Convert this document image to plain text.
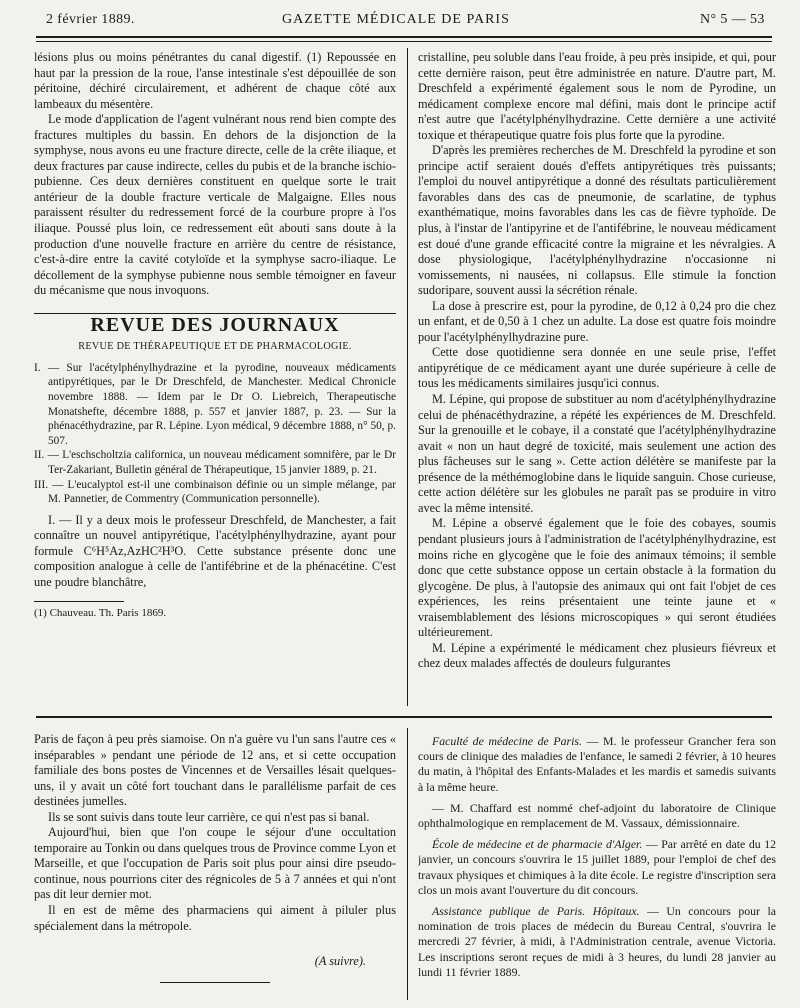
2 février 1889.	GAZETTE MÉDICALE DE PARIS	N° 5 — 53

lésions plus ou moins pénétrantes du canal digestif. (1) Repoussée en haut par la pression de la roue, l'anse intestinale s'est dépouillée de son péritoine, déchiré circulairement, et adhérent de chaque côté aux lambeaux du mésentère.

Le mode d'application de l'agent vulnérant nous rend bien compte des fractures multiples du bassin. En dehors de la disjonction de la symphyse, nous avons eu une fracture directe, celle de la crête iliaque, et deux fractures par cause indirecte, celles du pubis et de la branche ischio-pubienne. Ces deux dernières constituent en quelque sorte le trait antérieur de la double fracture verticale de Malgaigne. Elles nous paraissent résulter du redressement forcé de la courbure propre à l'os iliaque. Poussé plus loin, ce redressement eût abouti sans doute à la production d'une nouvelle fracture en arrière du centre de résistance, c'est-à-dire entre la cavité cotyloïde et la symphyse sacro-iliaque. Le décollement de la symphyse pubienne nous semble témoigner en faveur du mécanisme que nous invoquons.

REVUE DES JOURNAUX
REVUE DE THÉRAPEUTIQUE ET DE PHARMACOLOGIE.

I. — Sur l'acétylphénylhydrazine et la pyrodine, nouveaux médicaments antipyrétiques, par le Dr Dreschfeld, de Manchester. Medical Chronicle novembre 1888. — Idem par le Dr O. Liebreich, Therapeutische Monatshefte, décembre 1888, p. 557 et janvier 1887, p. 23. — Sur la phénacéthydrazine, par R. Lépine. Lyon médical, 9 décembre 1888, n° 50, p. 507.

II. — L'eschscholtzia californica, un nouveau médicament somnifère, par le Dr Ter-Zakariant, Bulletin général de Thérapeutique, 15 janvier 1889, p. 21.

III. — L'eucalyptol est-il une combinaison définie ou un simple mélange, par M. Pannetier, de Commentry (Communication personnelle).

I. — Il y a deux mois le professeur Dreschfeld, de Manchester, a fait connaître un nouvel antipyrétique, l'acétylphénylhydrazine, ayant pour formule C⁶H⁵Az,AzHC²H³O. Cette substance présente donc une composition analogue à celle de l'antifébrine et de la phénacétine. C'est une poudre blanchâtre,

(1) Chauveau. Th. Paris 1869.

cristalline, peu soluble dans l'eau froide, à peu près insipide, et qui, pour cette dernière raison, peut être administrée en nature. D'autre part, M. Dreschfeld a expérimenté également sous le nom de Pyrodine, un médicament complexe encore mal défini, mais dont le principe actif n'est autre que l'acétylphénylhydrazine. Cette dernière a une activité toxique et thérapeutique quatre fois plus forte que la pyrodine.

D'après les premières recherches de M. Dreschfeld la pyrodine et son principe actif seraient doués d'effets antipyrétiques très puissants; l'emploi du nouvel antipyrétique a donné des résultats particulièrement favorables dans des cas de pneumonie, de scarlatine, de typhus exanthématique, moins favorables dans les cas de fièvre typhoïde. De plus, à l'instar de l'antipyrine et de l'antifébrine, le nouveau médicament est doué d'une grande efficacité contre la migraine et les névralgies. A dose physiologique, l'acétylphénylhydrazine n'occasionne ni vomissements, ni nausées, ni collapsus. Elle stimule la fonction sudoripare, souvent aussi la sécrétion rénale.

La dose à prescrire est, pour la pyrodine, de 0,12 à 0,24 pro die chez un enfant, et de 0,50 à 1 chez un adulte. La dose est quatre fois moindre pour l'acétylphénylhydrazine pure.

Cette dose quotidienne sera donnée en une seule prise, l'effet antipyrétique de ce médicament ayant une durée supérieure à celle de tous les médicaments similaires jusqu'ici connus.

M. Lépine, qui propose de substituer au nom d'acétylphénylhydrazine celui de phénacéthydrazine, a répété les expériences de M. Dreschfeld. Sur la grenouille et le cobaye, il a constaté que l'acétylphénylhydrazine avait « non un haut degré de toxicité, mais seulement une action des plus fâcheuses sur le sang ». Cette action délétère se manifeste par la présence de la méthémoglobine dans le liquide sanguin. Chose curieuse, cette action délétère sur les globules ne paraît pas se produire in vitro avec la même intensité.

M. Lépine a observé également que le foie des cobayes, soumis pendant plusieurs jours à l'administration de l'acétylphénylhydrazine, est moins riche en glycogène que le foie des animaux témoins; il semble donc que cette substance oppose un certain obstacle à la formation du glycogène. De plus, à l'autopsie des animaux qui ont fait l'objet de ces expériences, les reins présentaient une teinte jaune et « vraisemblablement des lésions microscopiques » qui seront étudiées ultérieurement.

M. Lépine a expérimenté le médicament chez plusieurs fiévreux et chez deux malades affectés de douleurs fulgurantes

Paris de façon à peu près siamoise. On n'a guère vu l'un sans l'autre ces « inséparables » pendant une période de 12 ans, et si cette occupation familiale des bons postes de Vincennes et de Versailles lésait quelques-uns, il y avait un côté fort touchant dans le parallélisme parfait de ces destinées jumelles.

Ils se sont suivis dans toute leur carrière, ce qui n'est pas si banal.

Aujourd'hui, bien que l'on coupe le séjour d'une occultation temporaire au Tonkin ou dans quelques trous de Province comme Lyon et Marseille, et que l'occupation de Paris soit plus pour ainsi dire pseudo-continue, nous pourrions citer des régnicoles de 5 à 7 années et qui n'ont pas dit leur dernier mot.

Il en est de même des pharmaciens qui aiment à piluler plus spécialement dans la métropole.

(A suivre).

Faculté de médecine de Paris. — M. le professeur Grancher fera son cours de clinique des maladies de l'enfance, le samedi 2 février, à 10 heures du matin, à l'hôpital des Enfants-Malades et les mardis et samedis suivants à la même heure.

— M. Chaffard est nommé chef-adjoint du laboratoire de Clinique ophthalmologique en remplacement de M. Vassaux, démissionnaire.

École de médecine et de pharmacie d'Alger. — Par arrêté en date du 12 janvier, un concours s'ouvrira le 15 juillet 1889, pour l'emploi de chef des travaux physiques et chimiques à la dite école. Le registre d'inscription sera clos un mois avant l'ouverture du dit concours.

Assistance publique de Paris. Hôpitaux. — Un concours pour la nomination de trois places de médecin du Bureau Central, s'ouvrira le mercredi 27 février, à midi, à l'Administration centrale, avenue Victoria. Les inscriptions seront reçues de midi à 3 heures, du lundi 28 janvier au lundi 11 février 1889.
